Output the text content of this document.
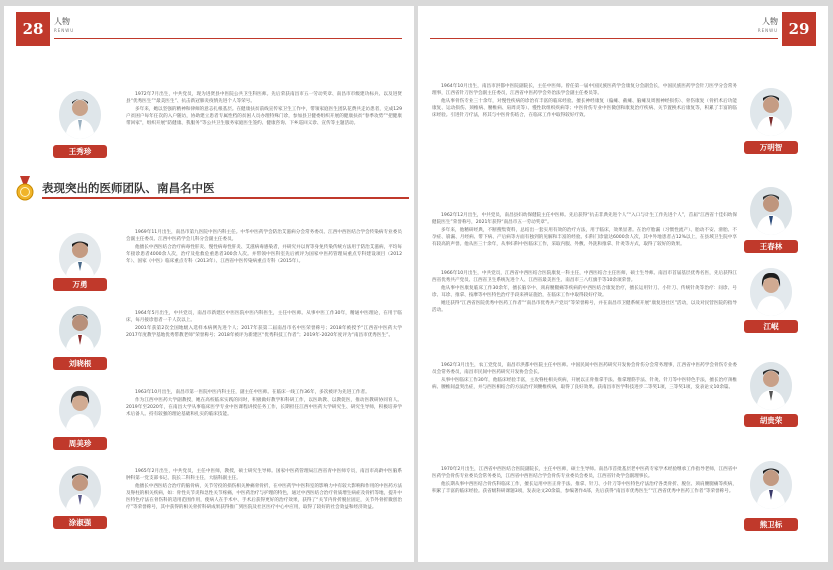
28	人物
RENWU
王秀珍

1972年7月出生，中共党员，现为进贤县中医院公共卫生科医师。先后荣获南昌市五一劳动奖章、南昌市市级建功标兵、以及进贤县“优秀医生”“最美医生”、抗击新冠肺炎疫情先进个人等荣号。

多年来，她以坚强的精神和律师的意志扎根基层。在健康扶贫前线宣传家卫生工作中，带领家庭医生团队花费共走访患者，完成129户贫困户每年任次的入户随访，协助建立患者专属性档的贫困人员办理特殊门诊，参加县卫健委组织开展的健康扶贫“春季攻势”“把健康带回家”，组织开展“防健康、我服务”等公共卫生服务家庭医生签约、健康咨询、下乡巡回义诊、宣传等主题活动。

表现突出的医师团队、南昌名中医
万勇

1969年11月出生，南昌市第九医院中医内科主任。中华中医药学会防治艾滋病分会常务委员、江西中西医结合学会传染病专业委员会副主任委员、江西中医药学会儿科分会副主任委员。

他擅长中西医结合治疗病毒性肝炎、慢性病毒性肝炎、艾滋病毒感染者，并研究并以胃等身免传染传统方法用于防治艾滋病，平均每年接诊患者4000余人次，治疗及抢救危重患者300余人次。并带领中医科室先后被评为国家中医药管理局重点专科建设项目（2012年）、国家《中医》临床重点专科（2013年）、江西省中医传染病重点专科（2015年）。

刘晓根

1964年5月出生，中共党员，南昌市新建区中医医院中医内科医生，主任中医师。从事中医工作30年，精通中医理论，在用于临床，每月接诊患者一千人次以上。

2001年获第2次全国地级入选样本病例先进个人；2017年获第二届南昌市名中医荣誉称号；2018年被授予“江西省中医药大学2017年度教学基地优秀带教老师”荣誉称号；2018年被评为新建区“优秀科技工作者”；2019年-2020年度评为“南昌市优秀医生”。

周美珍

1963年10月出生，南昌市第一医院中医内科主任，副主任中医师。在临床一线工作36年，多次被评为先进工作者。

作为江西中医药大学副教授，她在高校临床实践的同时，积极做好教学和科研工作，以医助教、以教促医，推动医教研协同育人。2019年至2020年，在南昌大学从事临床医学专业中医课程讲授任务工作，长期担任江西中医药大学研究生、研究生导师，积极培养学术后备人。持有较强的理论基础和扎实的临床技能。

涂淑强

1965年2月出生，中共党员，主任中医师，教授，硕士研究生导师。国家中医药管理局江西省青中医师专员，南昌市高龄中医脑系肿科第一党支部书记、院长二科科主任，大脑科副主任。

他擅长中西医结合治疗的脑骨病，关节劳役的损伤相关肿痛骨骨折，在中医药学中医科室的影响力中有较大影响和作用的中医药方法及脊柱的相关疾病，如：骨性关节炎和急性关节疼痛，中医药治疗与护理的特色，通过中西医结合治疗骨质增生病症及骨折等地，提升中医特色疗法在骨伤科的适用范围作用，使病人在手术中、手术后获得更好的治疗效果，获得了“关节内骨折脱位固定，关节外骨折微创治疗”等荣誉称号，其中获得的相关骨折科研成果获得推广到医院及社区医疗中心中应用，取得了较好的社会效益和经济效益。

29
人物
RENWU

1964年10月出生，南昌市洪都中医院副院长，主任中医师。曾任第一届中国民族医药学会康复分会副会长，中国民族医药学会针刀医学分会常务理事，江西省针刀医学会副主任委员，江西省中医药学会外治法学会副主任委员等。

他从事骨伤专业三十余年，对慢性疾病的诊治有丰富的临床经验。擅长神经康复（偏瘫、截瘫、脑瘫及周围神经损伤）、骨伤康复（骨折术后功能康复、运动损伤、颈椎病、腰椎病、肩周炎等）、慢性软组织疾病等；中医骨伤专业中医微创和康复治疗疾病、关节置换术后康复等，积累了丰富的临床经验。引进针刀疗法，将其与中医骨伤结合，在临床工作中取得较好疗效。

万明智

1962年12月出生，中共党员，南昌县妇幼保健院主任中医师。先后获得“抗击非典先进个人”“入口与计生工作先进个人”，首届“江西省十佳妇幼保健院医生”荣誉称号，2021年获得“南昌市五一劳动奖章”。

多年来，他精研经典，不断搜集资料，总结出一套实用有效的治疗方法，用于临床，效果显著。在治疗胎漏（习惯性流产）、胎动不安、滑胎、不孕症、崩漏、月经病、带下病、产后病等方面有独到的见解和丰富的经验。妇科门诊量达6000余人次，其中外地患者占12%以上，在县域卫生院中享有较高的声誉。他从医三十余年，从事妇科中医临床工作，采取内服、外敷、外洗和推拿、针灸等方式，取得了较好的效果。	王春林

1966年10月出生，中共党员，江西省中西医结合医院康复一科主任，中西医结合主任医师，硕士生导师。南昌市首届基层优秀名医，先后获得江西省优秀共产党员、江西省卫生系统先进个人、江西省最美医生、南昌市三八红旗手等10余项荣誉。

他从事中医康复临床工作30余年，擅长脑卒中、颈肩腰腿痛等疾病的中西医结合康复治疗，擅长运用针刀、小针刀、传统针灸等治疗：问诊、号诊、耳诊、推拿、按摩等中医特色治疗手段来辨证施治，在临床工作中取得较好疗效。

她还获得“江西省医院优秀中医药工作者”“南昌市优秀共产党员”等荣誉称号，并在南昌市卫健系统开展“康复进社区”活动，以及对民营医院的指导活动。

江岷

1962年3月出生，农工党党员，南昌市洪都中医院主任中医师。中国民间中医医药研究开发协会骨伤分会常务理事，江西省中医药学会骨伤专业委员会常务委员，南昌市民间中医药研究开发协会会长。

从事中医临床工作30年，他临床经验丰富，主攻脊柱相关疾病，开展以正骨推拿手法、推拿理筋手法、针灸、针刀等中医特色手法，擅长治疗颈椎病、腰椎间盘突出症，并与西医相结合的方法治疗颈腰椎疾病，取得了良好效果。获南昌市医学科技进步二等奖1项，三等奖1项，发表论文10余篇。

胡贵荣

1970年2月出生，江西省中西医结合医院副院长，主任中医师，硕士生导师。南昌市首批基层老中医药专家学术经验继承工作指导老师，江西省中医药学会骨伤专业委员会常务委员，江西省中西医结合学会骨伤专业委员会委员，江西省针灸学会副理事长。

他长期从事中西医结合骨伤科临床工作，擅长运用中医正骨手法、推拿、针刀、小针刀等中医特色疗法治疗各类骨折、脱位、颈肩腰腿痛等疾病，积累了丰富的临床经验。获省级科研课题3项，发表论文20余篇，参编著作4部，先后获得“南昌市优秀医生”“江西省优秀中医药工作者”等荣誉称号。

熊卫标
